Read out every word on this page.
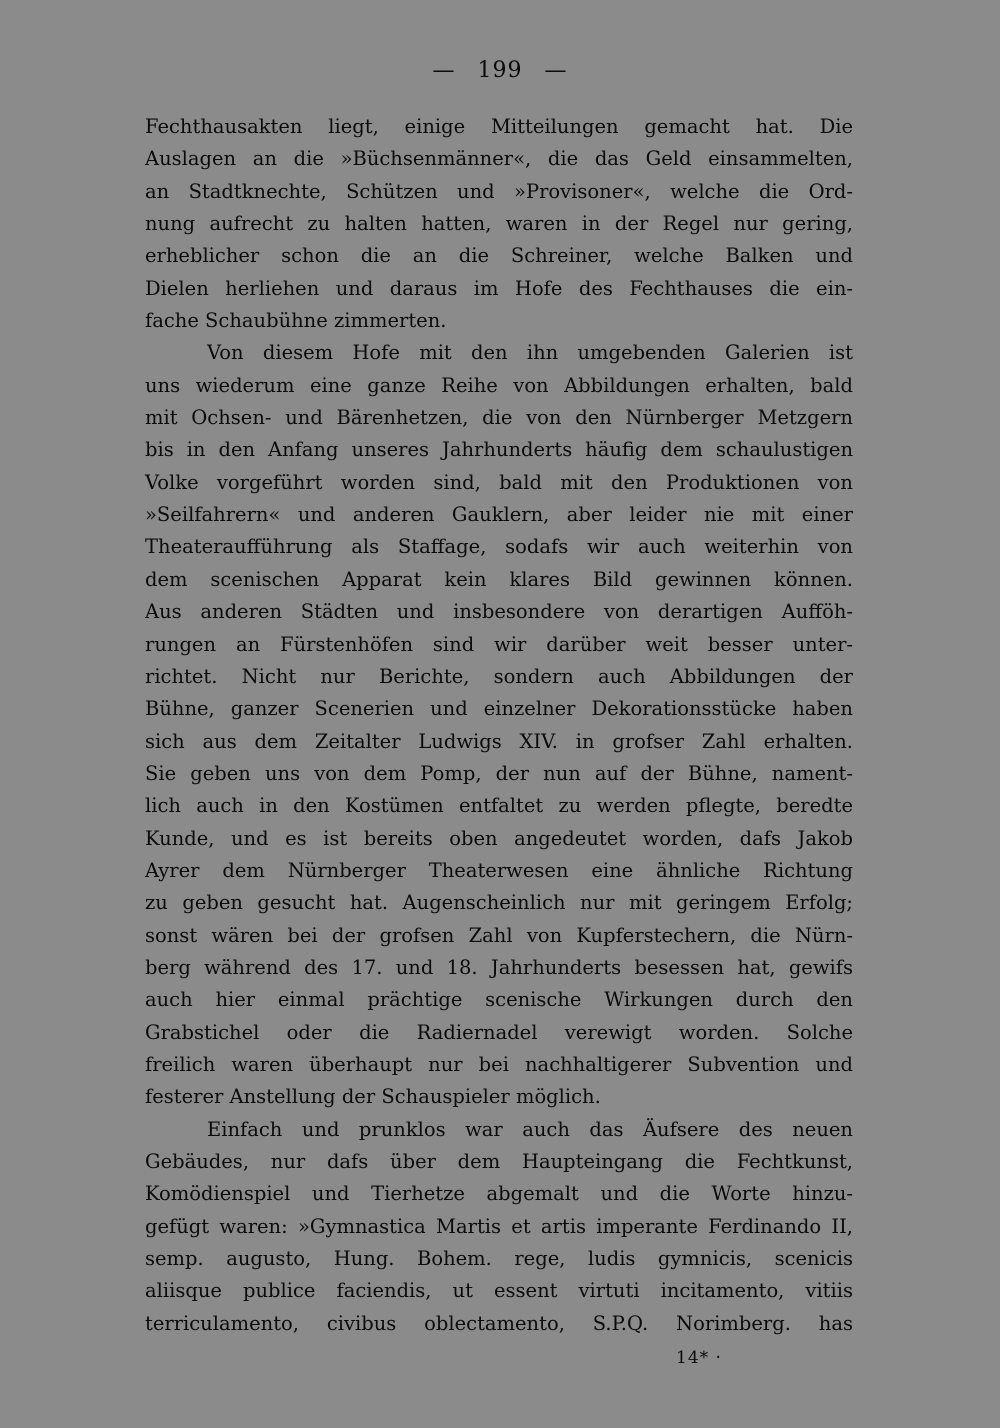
— 199 —
Fechthausakten liegt, einige Mitteilungen gemacht hat. Die
Auslagen an die »Büchsenmänner«, die das Geld einsammelten,
an Stadtknechte, Schützen und »Provisoner«, welche die Ord-
nung aufrecht zu halten hatten, waren in der Regel nur gering,
erheblicher schon die an die Schreiner, welche Balken und
Dielen herliehen und daraus im Hofe des Fechthauses die ein-
fache Schaubühne zimmerten.
Von diesem Hofe mit den ihn umgebenden Galerien ist
uns wiederum eine ganze Reihe von Abbildungen erhalten, bald
mit Ochsen- und Bärenhetzen, die von den Nürnberger Metzgern
bis in den Anfang unseres Jahrhunderts häufig dem schaulustigen
Volke vorgeführt worden sind, bald mit den Produktionen von
»Seilfahrern« und anderen Gauklern, aber leider nie mit einer
Theateraufführung als Staffage, sodafs wir auch weiterhin von
dem scenischen Apparat kein klares Bild gewinnen können.
Aus anderen Städten und insbesondere von derartigen Aufföh-
rungen an Fürstenhöfen sind wir darüber weit besser unter-
richtet. Nicht nur Berichte, sondern auch Abbildungen der
Bühne, ganzer Scenerien und einzelner Dekorationsstücke haben
sich aus dem Zeitalter Ludwigs XIV. in grofser Zahl erhalten.
Sie geben uns von dem Pomp, der nun auf der Bühne, nament-
lich auch in den Kostümen entfaltet zu werden pflegte, beredte
Kunde, und es ist bereits oben angedeutet worden, dafs Jakob
Ayrer dem Nürnberger Theaterwesen eine ähnliche Richtung
zu geben gesucht hat. Augenscheinlich nur mit geringem Erfolg;
sonst wären bei der grofsen Zahl von Kupferstechern, die Nürn-
berg während des 17. und 18. Jahrhunderts besessen hat, gewifs
auch hier einmal prächtige scenische Wirkungen durch den
Grabstichel oder die Radiernadel verewigt worden. Solche
freilich waren überhaupt nur bei nachhaltigerer Subvention und
festerer Anstellung der Schauspieler möglich.
Einfach und prunklos war auch das Äufsere des neuen
Gebäudes, nur dafs über dem Haupteingang die Fechtkunst,
Komödienspiel und Tierhetze abgemalt und die Worte hinzu-
gefügt waren: »Gymnastica Martis et artis imperante Ferdinando II,
semp. augusto, Hung. Bohem. rege, ludis gymnicis, scenicis
aliisque publice faciendis, ut essent virtuti incitamento, vitiis
terriculamento, civibus oblectamento, S.P.Q. Norimberg. has
14* ·
